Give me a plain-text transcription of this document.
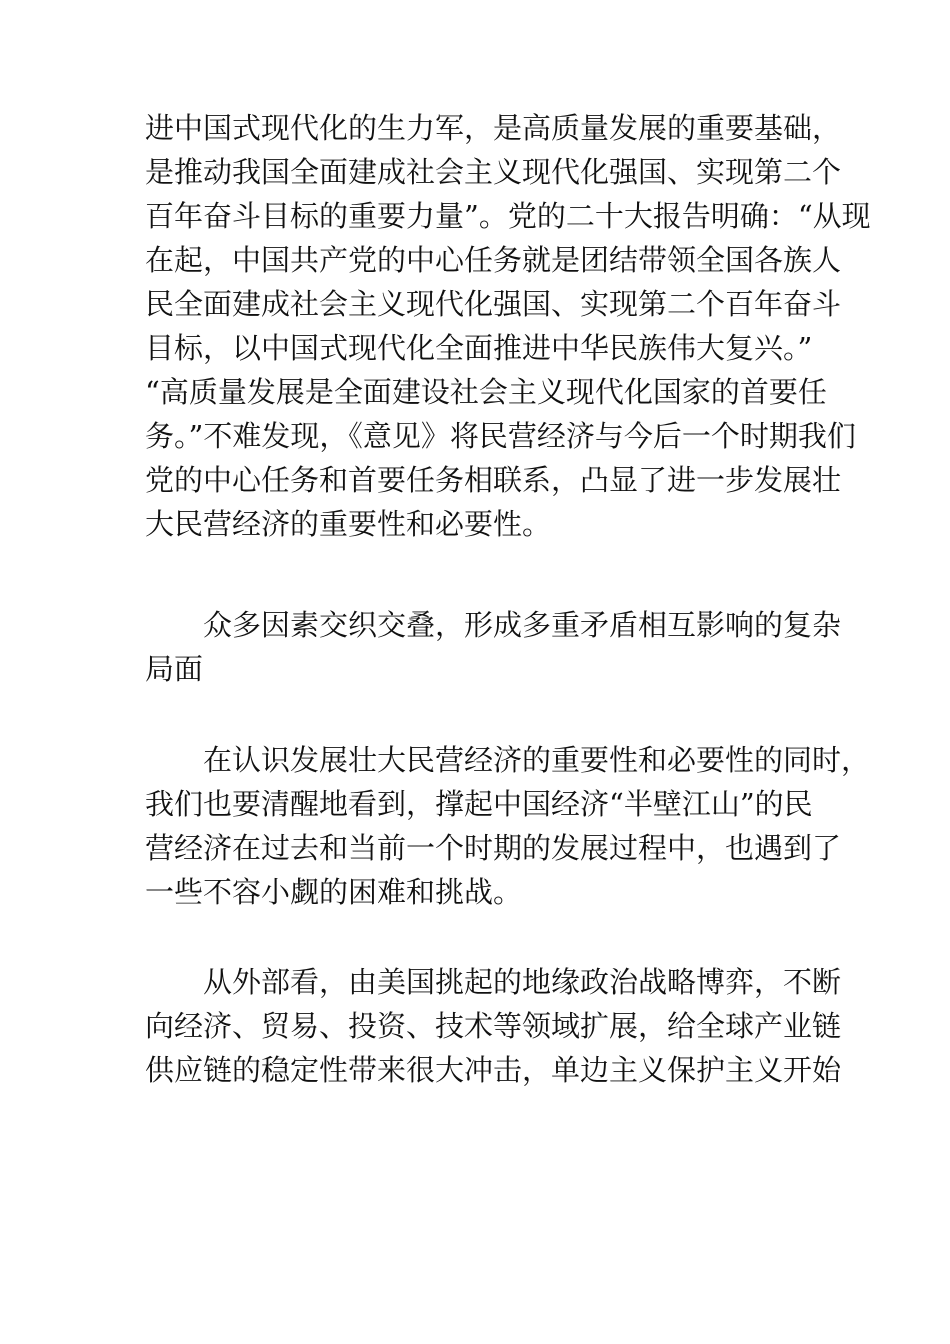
进中国式现代化的生力军，是高质量发展的重要基础，
是推动我国全面建成社会主义现代化强国、实现第二个
百年奋斗目标的重要力量”。党的二十大报告明确：“从现
在起，中国共产党的中心任务就是团结带领全国各族人
民全面建成社会主义现代化强国、实现第二个百年奋斗
目标，以中国式现代化全面推进中华民族伟大复兴。”
“高质量发展是全面建设社会主义现代化国家的首要任
务。”不难发现，《意见》将民营经济与今后一个时期我们
党的中心任务和首要任务相联系，凸显了进一步发展壮
大民营经济的重要性和必要性。
众多因素交织交叠，形成多重矛盾相互影响的复杂
局面
在认识发展壮大民营经济的重要性和必要性的同时，
我们也要清醒地看到，撑起中国经济“半壁江山”的民
营经济在过去和当前一个时期的发展过程中，也遇到了
一些不容小觑的困难和挑战。
从外部看，由美国挑起的地缘政治战略博弈，不断
向经济、贸易、投资、技术等领域扩展，给全球产业链
供应链的稳定性带来很大冲击，单边主义保护主义开始
